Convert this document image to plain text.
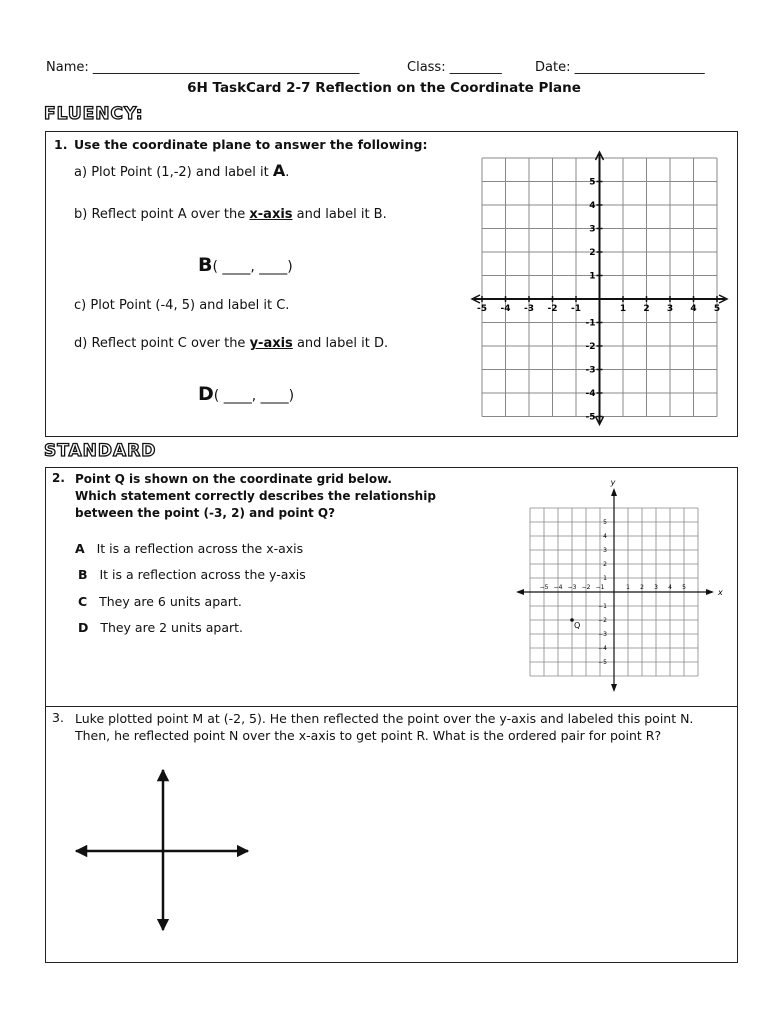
Name: _________________________________________	Class: ________	Date: ____________________
6H TaskCard 2-7 Reflection on the Coordinate Plane
FLUENCY:
1. Use the coordinate plane to answer the following:
a) Plot Point (1,-2) and label it A.
b) Reflect point A over the x-axis and label it B.
B( ____, ____)
c) Plot Point (-4, 5) and label it C.
d) Reflect point C over the y-axis and label it D.
D( ____, ____)
-5 -4 -3 -2 -1	1 2 3 4 5
5
4
3
2
1
-1
-2
-3
-4
-5
STANDARD
2. Point Q is shown on the coordinate grid below.
Which statement correctly describes the relationship
between the point (-3, 2) and point Q?
A It is a reflection across the x-axis
B It is a reflection across the y-axis
C They are 6 units apart.
D They are 2 units apart.
y
x
−5 −4 −3 −2 −1	1 2 3 4 5
5
4
3
2
1
−1
−2
−3
−4
−5
Q
3. Luke plotted point M at (-2, 5). He then reflected the point over the y-axis and labeled this point N.
Then, he reflected point N over the x-axis to get point R. What is the ordered pair for point R?
